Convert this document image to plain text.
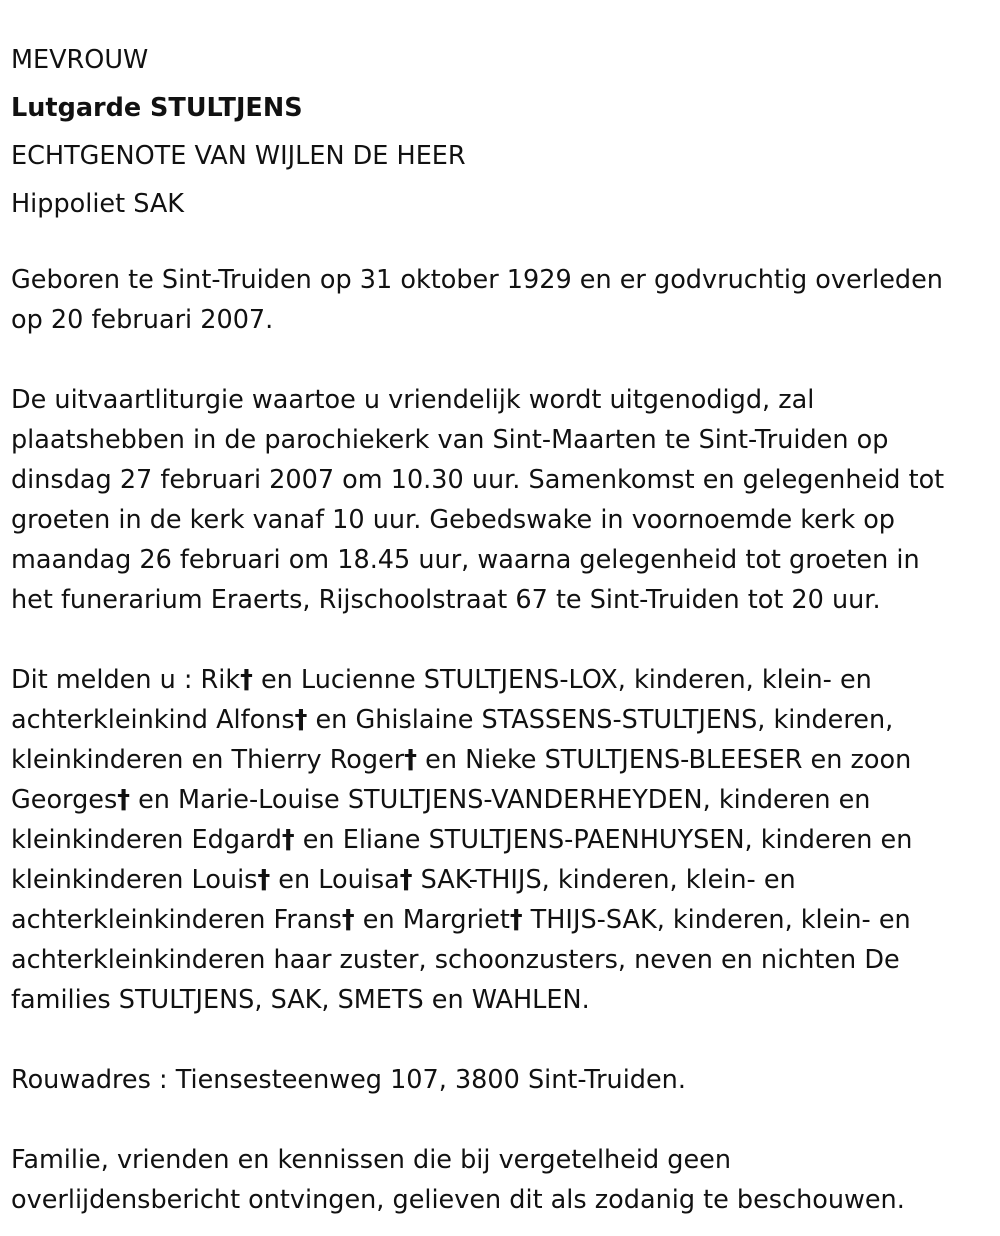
MEVROUW

Lutgarde STULTJENS

ECHTGENOTE VAN WIJLEN DE HEER

Hippoliet SAK

Geboren te Sint-Truiden op 31 oktober 1929 en er godvruchtig overleden
op 20 februari 2007.

De uitvaartliturgie waartoe u vriendelijk wordt uitgenodigd, zal
plaatshebben in de parochiekerk van Sint-Maarten te Sint-Truiden op
dinsdag 27 februari 2007 om 10.30 uur. Samenkomst en gelegenheid tot
groeten in de kerk vanaf 10 uur. Gebedswake in voornoemde kerk op
maandag 26 februari om 18.45 uur, waarna gelegenheid tot groeten in
het funerarium Eraerts, Rijschoolstraat 67 te Sint-Truiden tot 20 uur.

Dit melden u : Rik† en Lucienne STULTJENS-LOX, kinderen, klein- en
achterkleinkind Alfons† en Ghislaine STASSENS-STULTJENS, kinderen,
kleinkinderen en Thierry Roger† en Nieke STULTJENS-BLEESER en zoon
Georges† en Marie-Louise STULTJENS-VANDERHEYDEN, kinderen en
kleinkinderen Edgard† en Eliane STULTJENS-PAENHUYSEN, kinderen en
kleinkinderen Louis† en Louisa† SAK-THIJS, kinderen, klein- en
achterkleinkinderen Frans† en Margriet† THIJS-SAK, kinderen, klein- en
achterkleinkinderen haar zuster, schoonzusters, neven en nichten De
families STULTJENS, SAK, SMETS en WAHLEN.

Rouwadres : Tiensesteenweg 107, 3800 Sint-Truiden.

Familie, vrienden en kennissen die bij vergetelheid geen
overlijdensbericht ontvingen, gelieven dit als zodanig te beschouwen.
